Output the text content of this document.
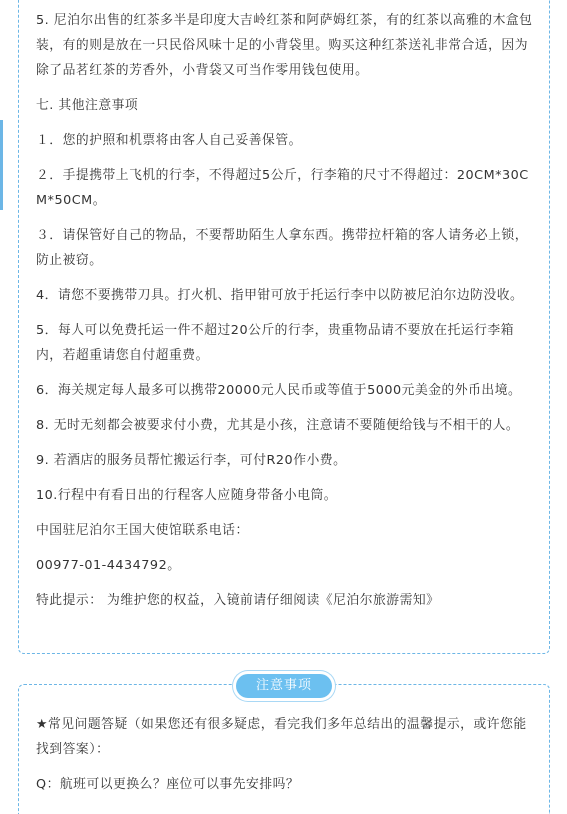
5. 尼泊尔出售的红茶多半是印度大吉岭红茶和阿萨姆红茶，有的红茶以高雅的木盒包装，有的则是放在一只民俗风味十足的小背袋里。购买这种红茶送礼非常合适，因为除了品茗红茶的芳香外，小背袋又可当作零用钱包使用。

七. 其他注意事项

１．您的护照和机票将由客人自己妥善保管。

２．手提携带上飞机的行李，不得超过5公斤，行李箱的尺寸不得超过：20CM*30CM*50CM。

３．请保管好自己的物品，不要帮助陌生人拿东西。携带拉杆箱的客人请务必上锁，防止被窃。

4．请您不要携带刀具。打火机、指甲钳可放于托运行李中以防被尼泊尔边防没收。

5．每人可以免费托运一件不超过20公斤的行李，贵重物品请不要放在托运行李箱内，若超重请您自付超重费。

6．海关规定每人最多可以携带20000元人民币或等值于5000元美金的外币出境。

8. 无时无刻都会被要求付小费，尤其是小孩，注意请不要随便给钱与不相干的人。

9. 若酒店的服务员帮忙搬运行李，可付R20作小费。

10.行程中有看日出的行程客人应随身带备小电筒。

中国驻尼泊尔王国大使馆联系电话：

00977-01-4434792。

特此提示： 为维护您的权益，入镜前请仔细阅读《尼泊尔旅游需知》

注意事项

★常见问题答疑（如果您还有很多疑虑，看完我们多年总结出的温馨提示，或许您能找到答案）：

Q：航班可以更换么？座位可以事先安排吗？
